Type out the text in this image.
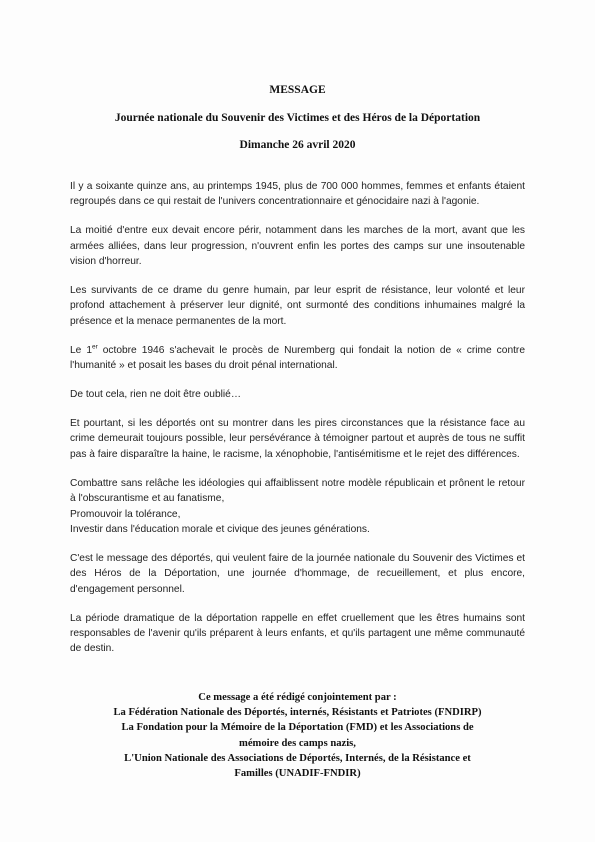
MESSAGE
Journée nationale du Souvenir des Victimes et des Héros de la Déportation
Dimanche 26 avril 2020

Il y a soixante quinze ans, au printemps 1945, plus de 700 000 hommes, femmes et enfants étaient regroupés dans ce qui restait de l'univers concentrationnaire et génocidaire nazi à l'agonie.

La moitié d'entre eux devait encore périr, notamment dans les marches de la mort, avant que les armées alliées, dans leur progression, n'ouvrent enfin les portes des camps sur une insoutenable vision d'horreur.

Les survivants de ce drame du genre humain, par leur esprit de résistance, leur volonté et leur profond attachement à préserver leur dignité, ont surmonté des conditions inhumaines malgré la présence et la menace permanentes de la mort.

Le 1er octobre 1946 s'achevait le procès de Nuremberg qui fondait la notion de « crime contre l'humanité » et posait les bases du droit pénal international.

De tout cela, rien ne doit être oublié…

Et pourtant, si les déportés ont su montrer dans les pires circonstances que la résistance face au crime demeurait toujours possible, leur persévérance à témoigner partout et auprès de tous ne suffit pas à faire disparaître la haine, le racisme, la xénophobie, l'antisémitisme et le rejet des différences.

Combattre sans relâche les idéologies qui affaiblissent notre modèle républicain et prônent le retour à l'obscurantisme et au fanatisme,
Promouvoir la tolérance,
Investir dans l'éducation morale et civique des jeunes générations.

C'est le message des déportés, qui veulent faire de la journée nationale du Souvenir des Victimes et des Héros de la Déportation, une journée d'hommage, de recueillement, et plus encore, d'engagement personnel.

La période dramatique de la déportation rappelle en effet cruellement que les êtres humains sont responsables de l'avenir qu'ils préparent à leurs enfants, et qu'ils partagent une même communauté de destin.

Ce message a été rédigé conjointement par :
La Fédération Nationale des Déportés, internés, Résistants et Patriotes (FNDIRP)
La Fondation pour la Mémoire de la Déportation (FMD) et les Associations de
mémoire des camps nazis,
L'Union Nationale des Associations de Déportés, Internés, de la Résistance et
Familles (UNADIF-FNDIR)
